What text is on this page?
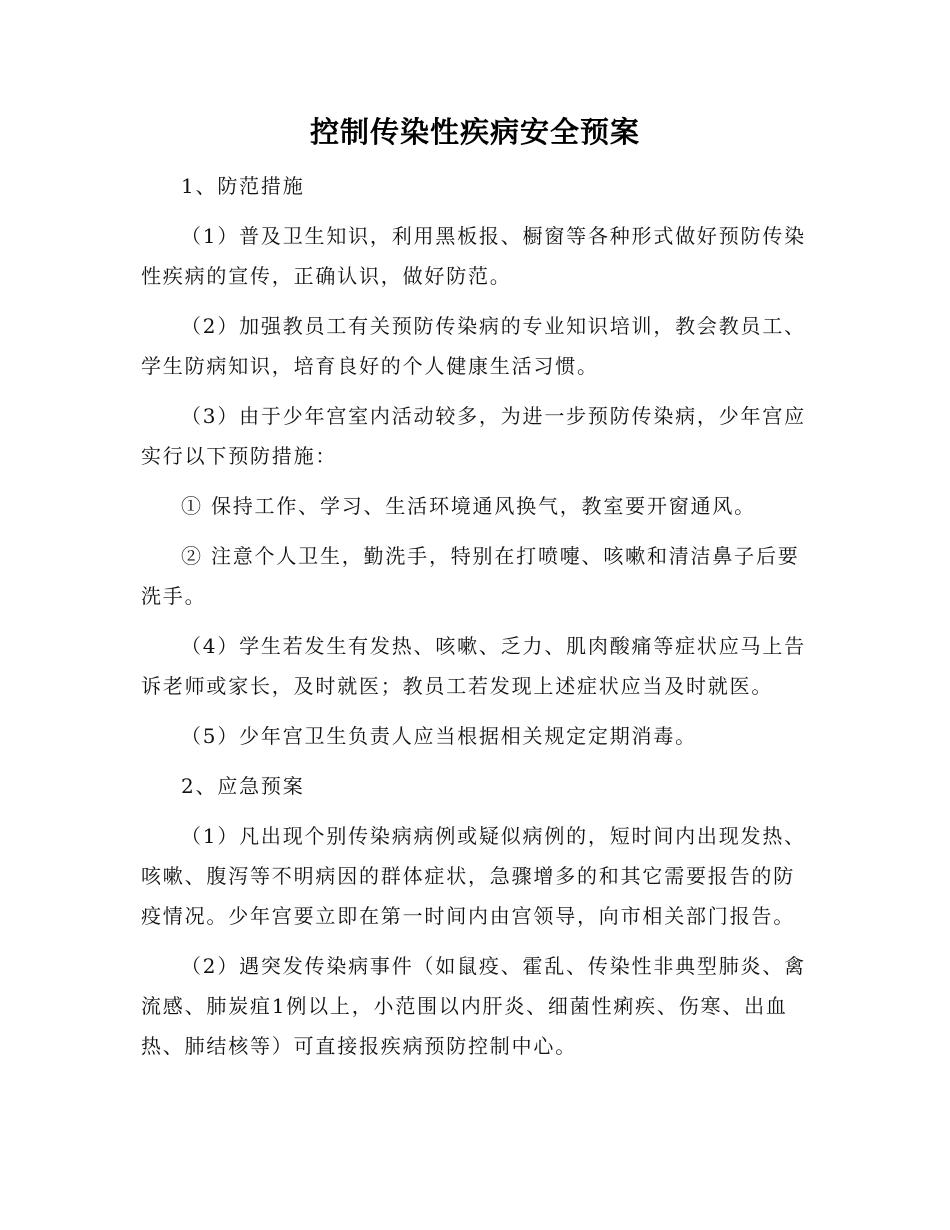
控制传染性疾病安全预案

1、防范措施

（1）普及卫生知识，利用黑板报、橱窗等各种形式做好预防传染性疾病的宣传，正确认识，做好防范。

（2）加强教员工有关预防传染病的专业知识培训，教会教员工、学生防病知识，培育良好的个人健康生活习惯。

（3）由于少年宫室内活动较多，为进一步预防传染病，少年宫应实行以下预防措施：

① 保持工作、学习、生活环境通风换气，教室要开窗通风。

② 注意个人卫生，勤洗手，特别在打喷嚏、咳嗽和清洁鼻子后要洗手。

（4）学生若发生有发热、咳嗽、乏力、肌肉酸痛等症状应马上告诉老师或家长，及时就医；教员工若发现上述症状应当及时就医。

（5）少年宫卫生负责人应当根据相关规定定期消毒。

2、应急预案

（1）凡出现个别传染病病例或疑似病例的，短时间内出现发热、咳嗽、腹泻等不明病因的群体症状，急骤增多的和其它需要报告的防疫情况。少年宫要立即在第一时间内由宫领导，向市相关部门报告。

（2）遇突发传染病事件（如鼠疫、霍乱、传染性非典型肺炎、禽流感、肺炭疽1例以上，小范围以内肝炎、细菌性痢疾、伤寒、出血热、肺结核等）可直接报疾病预防控制中心。
